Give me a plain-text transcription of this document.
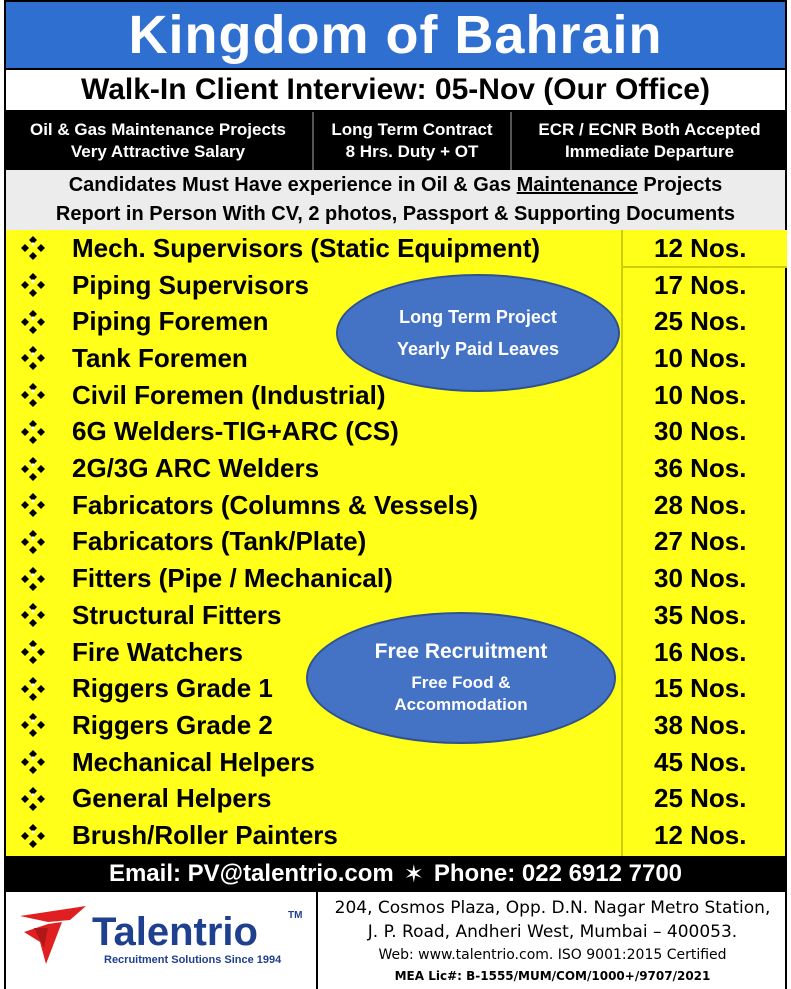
Kingdom of Bahrain
Walk-In Client Interview: 05-Nov (Our Office)
Oil & Gas Maintenance Projects
Very Attractive Salary
Long Term Contract
8 Hrs. Duty + OT
ECR / ECNR Both Accepted
Immediate Departure
Candidates Must Have experience in Oil & Gas Maintenance Projects
Report in Person With CV, 2 photos, Passport & Supporting Documents
Mech. Supervisors (Static Equipment)	12 Nos.
Piping Supervisors	17 Nos.
Piping Foremen	25 Nos.
Tank Foremen	10 Nos.
Civil Foremen (Industrial)	10 Nos.
6G Welders-TIG+ARC (CS)	30 Nos.
2G/3G ARC Welders	36 Nos.
Fabricators (Columns & Vessels)	28 Nos.
Fabricators (Tank/Plate)	27 Nos.
Fitters (Pipe / Mechanical)	30 Nos.
Structural Fitters	35 Nos.
Fire Watchers	16 Nos.
Riggers Grade 1	15 Nos.
Riggers Grade 2	38 Nos.
Mechanical Helpers	45 Nos.
General Helpers	25 Nos.
Brush/Roller Painters	12 Nos.
Long Term Project
Yearly Paid Leaves
Free Recruitment
Free Food &
Accommodation
Email: PV@talentrio.com ✶ Phone: 022 6912 7700
Talentrio	TM
Recruitment Solutions Since 1994
204, Cosmos Plaza, Opp. D.N. Nagar Metro Station,
J. P. Road, Andheri West, Mumbai – 400053.
Web: www.talentrio.com. ISO 9001:2015 Certified
MEA Lic#: B-1555/MUM/COM/1000+/9707/2021
